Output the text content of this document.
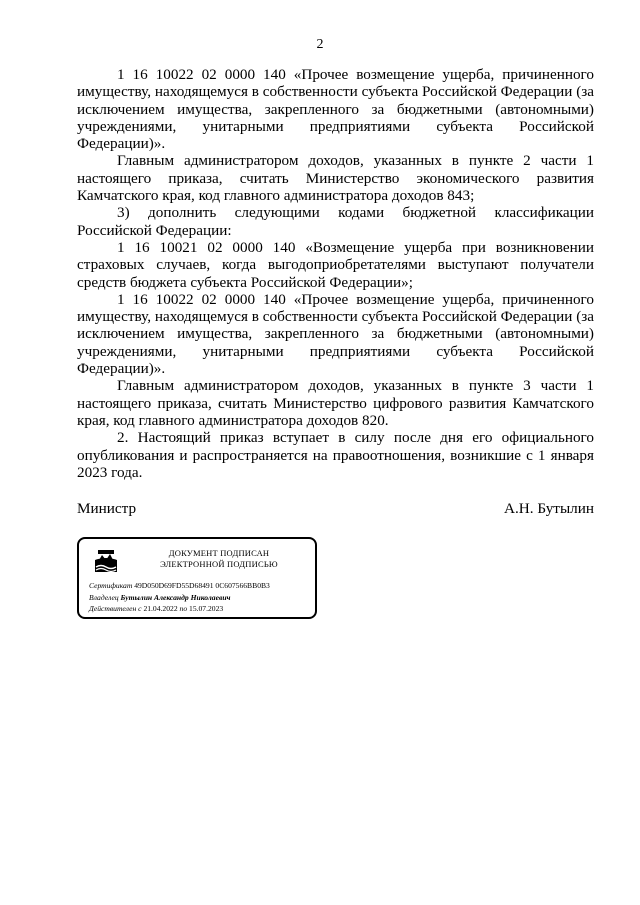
2

1 16 10022 02 0000 140 «Прочее возмещение ущерба, причиненного имуществу, находящемуся в собственности субъекта Российской Федерации (за исключением имущества, закрепленного за бюджетными (автономными) учреждениями, унитарными предприятиями субъекта Российской Федерации)».

Главным администратором доходов, указанных в пункте 2 части 1 настоящего приказа, считать Министерство экономического развития Камчатского края, код главного администратора доходов 843;

3) дополнить следующими кодами бюджетной классификации Российской Федерации:

1 16 10021 02 0000 140 «Возмещение ущерба при возникновении страховых случаев, когда выгодоприобретателями выступают получатели средств бюджета субъекта Российской Федерации»;

1 16 10022 02 0000 140 «Прочее возмещение ущерба, причиненного имуществу, находящемуся в собственности субъекта Российской Федерации (за исключением имущества, закрепленного за бюджетными (автономными) учреждениями, унитарными предприятиями субъекта Российской Федерации)».

Главным администратором доходов, указанных в пункте 3 части 1 настоящего приказа, считать Министерство цифрового развития Камчатского края, код главного администратора доходов 820.

2. Настоящий приказ вступает в силу после дня его официального опубликования и распространяется на правоотношения, возникшие с 1 января 2023 года.

Министр	А.Н. Бутылин
ДОКУМЕНТ ПОДПИСАН
ЭЛЕКТРОННОЙ ПОДПИСЬЮ
Сертификат 49D050D69FD55D68491 0C607566BB0B3
Владелец Бутылин Александр Николаевич
Действителен с 21.04.2022 по 15.07.2023
